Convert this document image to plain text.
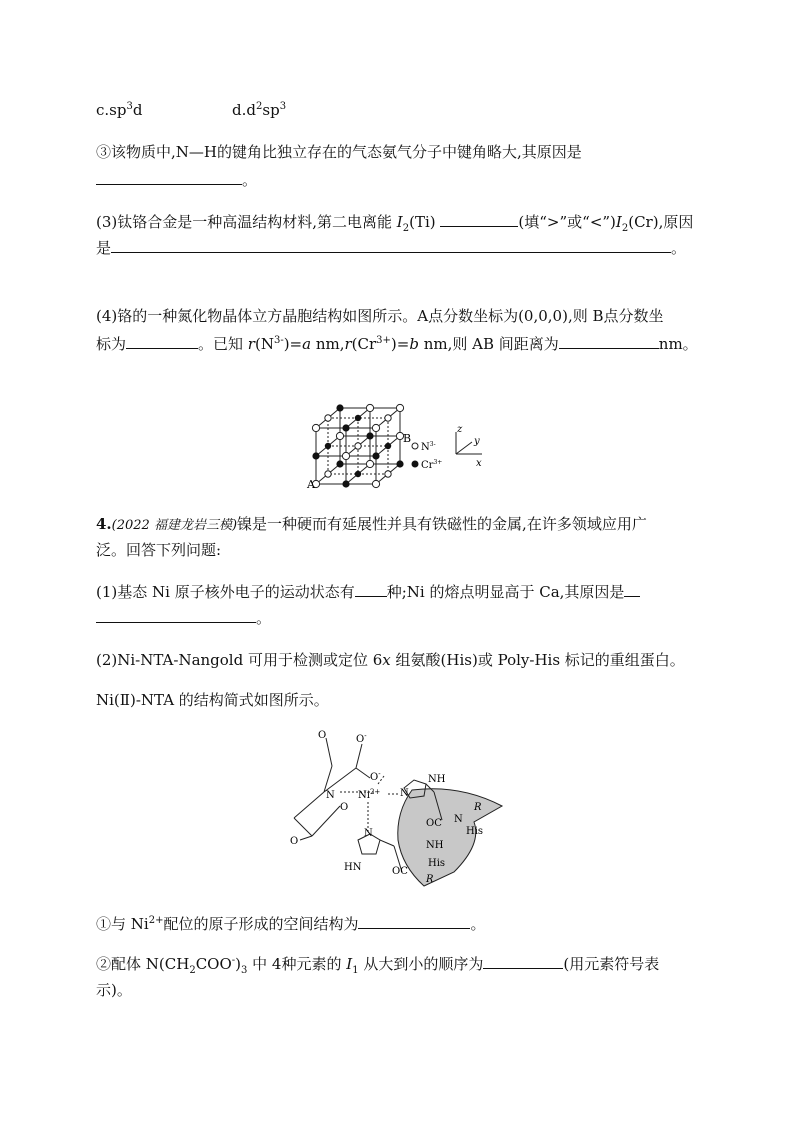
$c.sp^3d$	$d.d^2sp^3$
③该物质中,N—H的键角比独立存在的气态氨气分子中键角略大,其原因是
。
(3)钛铬合金是一种高温结构材料,第二电离能 $I_2(Ti)$	(填“>”或“$<”)I_2(Cr)$,原因
是	。
(4)铬的一种氮化物晶体立方晶胞结构如图所示。A点分数坐标为(0,0,0),则 B点分数坐
标为	。已知 $r(N^{3-})=a$ $nm,r(Cr^{3+})=b$ nm,则 AB 间距离为	nm。
A
B
$N^{3-}$
$Cr^{3+}$
z
y
x
4.(2022 福建龙岩三模)镍是一种硬而有延展性并具有铁磁性的金属,在许多领域应用广
泛。回答下列问题:
(1)基态 Ni 原子核外电子的运动状态有 种;Ni 的熔点明显高于 Ca,其原因是
。
(2)Ni-NTA-Nangold 可用于检测或定位 6x 组氨酸(His)或 Poly-His 标记的重组蛋白。
Ni(Ⅱ)-NTA 的结构简式如图所示。
O	O-
O-
N $Ni^{2+}$
O
O
N
NH
N
HN
OC N
R
His
NH
His
OC
R
①与 $Ni^{2+}$配位的原子形成的空间结构为	。
②配体 $N(CH_2COO^-)_3$ 中 4种元素的 $I_1$ 从大到小的顺序为	(用元素符号表
示)。
